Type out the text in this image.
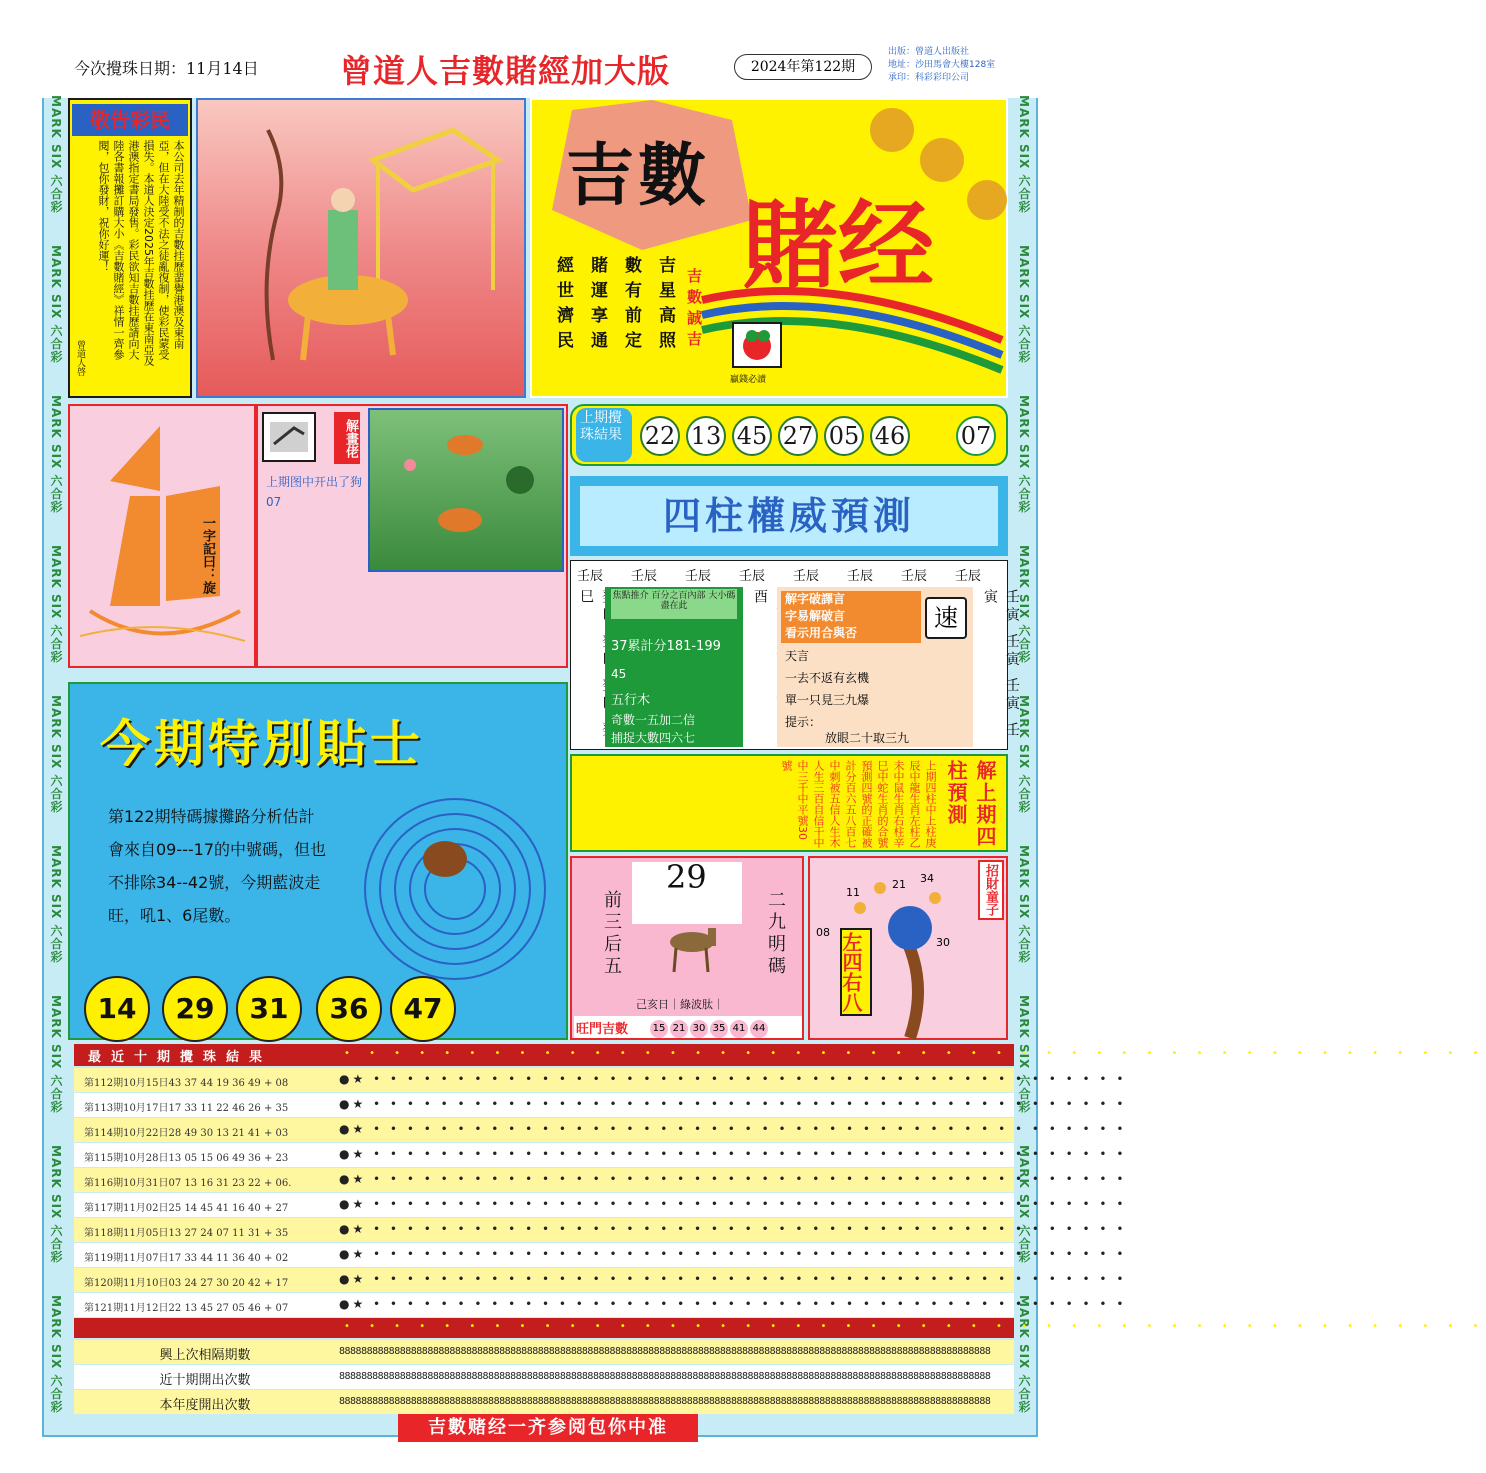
今次攪珠日期：11月14日	曾道人吉數賭經加大版	2024年第122期
出版：曾道人出版社
地址：沙田馬會大樓128室
承印：科彩彩印公司
MARK SIX 六合彩
MARK SIX 六合彩
MARK SIX 六合彩
MARK SIX 六合彩
MARK SIX 六合彩
MARK SIX 六合彩
MARK SIX 六合彩
MARK SIX 六合彩
MARK SIX 六合彩
MARK SIX 六合彩
MARK SIX 六合彩
MARK SIX 六合彩
MARK SIX 六合彩
MARK SIX 六合彩
MARK SIX 六合彩
MARK SIX 六合彩
MARK SIX 六合彩
MARK SIX 六合彩
敬告彩民
本公司去年精制的吉數挂歷蜚譽港澳及東南亞，但在大陸受不法之徒亂復制，使彩民蒙受損失。本道人決定2025年吉數挂歷在東南亞及港澳指定書局發售。彩民欲知吉數挂歷請向大陸各書報攤訂購大小《吉數賭經》祥情一齊參閱，包你發財，祝你好運！
曾道人啓
吉數
賭经
吉星高照
數有前定
賭運享通
經世濟民	吉數誠吉
贏錢必讀
上期攪珠結果 22 13 45 27 05 46 07
一字記曰：旋
解畫佬
上期图中开出了狗07	四柱權威預測
壬辰 壬辰 壬辰 壬辰 壬辰 壬辰 壬辰 壬辰
巳	焦點推介 百分之百內部 大小碼盡在此
37累計分181-199
45
五行木
奇數一五加二信
捕捉大數四六七
酉	解字破譯言
字易解破言
看示用合與否
速
天言
一去不返有玄機
單一只見三九爆
提示：
放眼二十取三九
壬寅 壬寅 壬寅 壬寅
今期特別貼士
第122期特碼據攤路分析估計會來自09---17的中號碼，但也不排除34--42號，今期藍波走旺，吼1、6尾數。
14	29	31	36	47
上期四柱中上柱庚辰中龍生肖左柱乙未中鼠生肖右柱辛巳中蛇生肖的合號預測四號的正確被計分百六五八百七中刺被五信人生木人生三百自信干中中三千中平號30號	解上期四柱預測
29
前三后五	二九明碼
己亥日｜綠波肽｜
旺門吉數 15 21 30 35 41 44
11
21 34
08
30
左四右八
招財童子
最近十期攪珠結果	• • • • • • • • • • • • • • • • • • • • • • • • • • • • • • • • • • • • • • • • • • • • • •
第112期10月15日43 37 44 19 36 49 + 08	●★ • • • • • • • • • • • • • • • • • • • • • • • • • • • • • • • • • • • • • • • • • • • • •
第113期10月17日17 33 11 22 46 26 + 35	●★ • • • • • • • • • • • • • • • • • • • • • • • • • • • • • • • • • • • • • • • • • • • • •
第114期10月22日28 49 30 13 21 41 + 03	●★ • • • • • • • • • • • • • • • • • • • • • • • • • • • • • • • • • • • • • • • • • • • • •
第115期10月28日13 05 15 06 49 36 + 23	●★ • • • • • • • • • • • • • • • • • • • • • • • • • • • • • • • • • • • • • • • • • • • • •
第116期10月31日07 13 16 31 23 22 + 06.	●★ • • • • • • • • • • • • • • • • • • • • • • • • • • • • • • • • • • • • • • • • • • • • •
第117期11月02日25 14 45 41 16 40 + 27	●★ • • • • • • • • • • • • • • • • • • • • • • • • • • • • • • • • • • • • • • • • • • • • •
第118期11月05日13 27 24 07 11 31 + 35	●★ • • • • • • • • • • • • • • • • • • • • • • • • • • • • • • • • • • • • • • • • • • • • •
第119期11月07日17 33 44 11 36 40 + 02	●★ • • • • • • • • • • • • • • • • • • • • • • • • • • • • • • • • • • • • • • • • • • • • •
第120期11月10日03 24 27 30 20 42 + 17	●★ • • • • • • • • • • • • • • • • • • • • • • • • • • • • • • • • • • • • • • • • • • • • •
第121期11月12日22 13 45 27 05 46 + 07	●★ • • • • • • • • • • • • • • • • • • • • • • • • • • • • • • • • • • • • • • • • • • • • •
• • • • • • • • • • • • • • • • • • • • • • • • • • • • • • • • • • • • • • • • • • • • • •
興上次相隔期數	8888888888888888888888888888888888888888888888888888888888888888888888888888888888888888888888888888888888888888888888
近十期開出次數	8888888888888888888888888888888888888888888888888888888888888888888888888888888888888888888888888888888888888888888888
本年度開出次數	8888888888888888888888888888888888888888888888888888888888888888888888888888888888888888888888888888888888888888888888
吉數赌经一齐参阅包你中准
